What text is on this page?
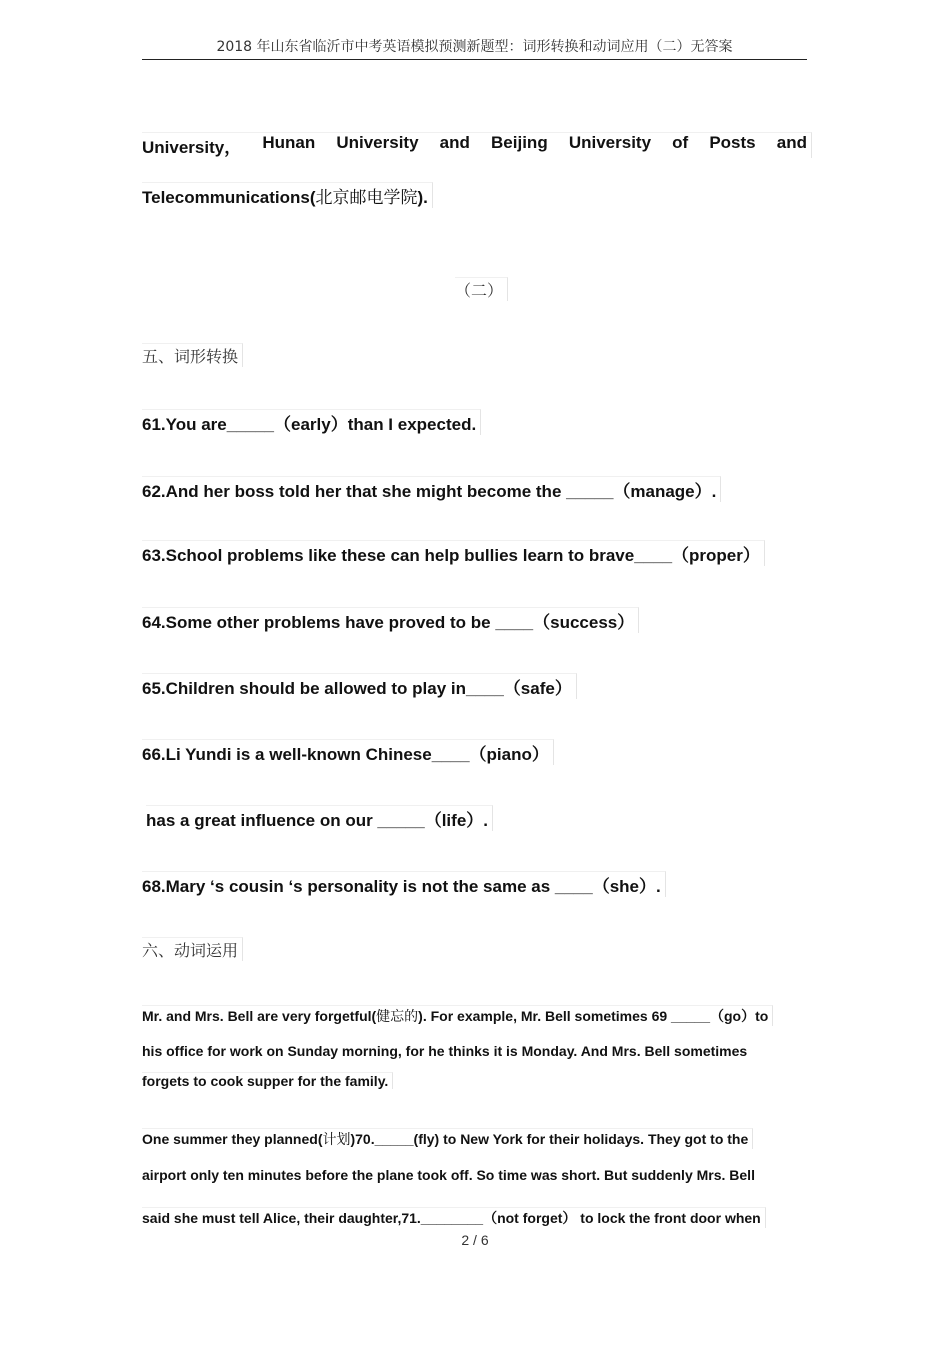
2018 年山东省临沂市中考英语模拟预测新题型：词形转换和动词应用（二）无答案
University， Hunan University and Beijing University of Posts and
Telecommunications(北京邮电学院).
（二）
五、词形转换
61.You are_____（early）than I expected.
62.And her boss told her that she might become the _____（manage）.
63.School problems like these can help bullies learn to brave____（proper）
64.Some other problems have proved to be ____（success）
65.Children should be allowed to play in____（safe）
66.Li Yundi is a well-known Chinese____（piano）
has a great influence on our _____（life）.
68.Mary ‘s cousin ‘s personality is not the same as ____（she）.
六、动词运用
Mr. and Mrs. Bell are very forgetful(健忘的). For example, Mr. Bell sometimes 69 _____（go）to
his office for work on Sunday morning, for he thinks it is Monday. And Mrs. Bell sometimes
forgets to cook supper for the family.
One summer they planned(计划)70._____(fly) to New York for their holidays. They got to the
airport only ten minutes before the plane took off. So time was short. But suddenly Mrs. Bell
said she must tell Alice, their daughter,71.________（not forget） to lock the front door when
2 / 6
